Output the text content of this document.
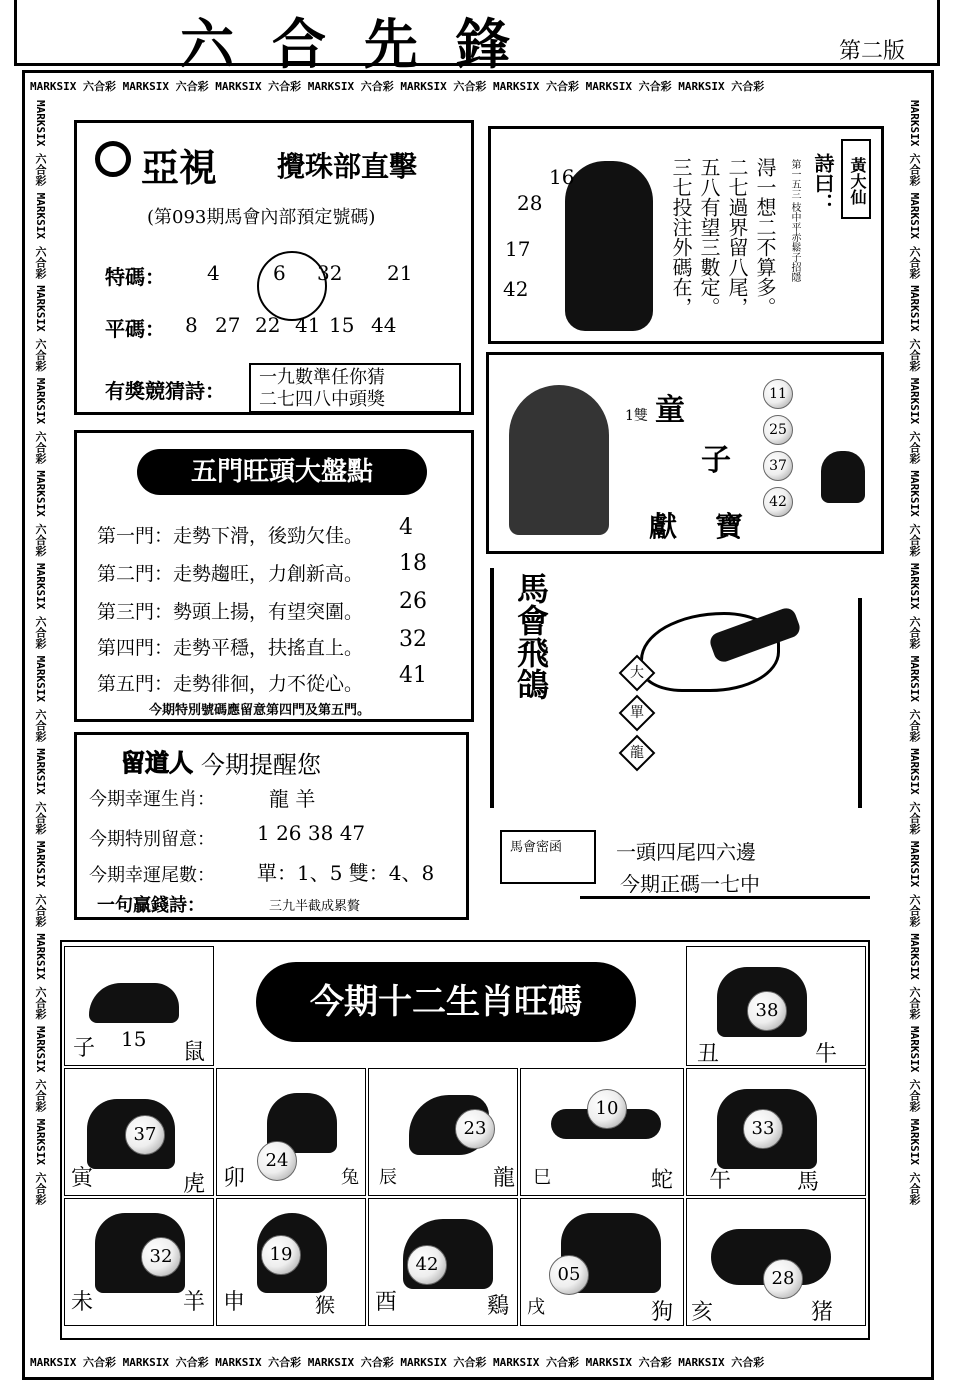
六合先鋒	第二版
MARKSIX 六合彩 MARKSIX 六合彩 MARKSIX 六合彩 MARKSIX 六合彩 MARKSIX 六合彩 MARKSIX 六合彩 MARKSIX 六合彩 MARKSIX 六合彩
MARKSIX 六合彩 MARKSIX 六合彩 MARKSIX 六合彩 MARKSIX 六合彩 MARKSIX 六合彩 MARKSIX 六合彩 MARKSIX 六合彩 MARKSIX 六合彩
MARKSIX 六合彩 MARKSIX 六合彩 MARKSIX 六合彩 MARKSIX 六合彩 MARKSIX 六合彩 MARKSIX 六合彩 MARKSIX 六合彩 MARKSIX 六合彩 MARKSIX 六合彩 MARKSIX 六合彩 MARKSIX 六合彩 MARKSIX 六合彩	MARKSIX 六合彩 MARKSIX 六合彩 MARKSIX 六合彩 MARKSIX 六合彩 MARKSIX 六合彩 MARKSIX 六合彩 MARKSIX 六合彩 MARKSIX 六合彩 MARKSIX 六合彩 MARKSIX 六合彩 MARKSIX 六合彩 MARKSIX 六合彩
亞視 攪珠部直擊
(第093期馬會內部預定號碼)
特碼： 4	6 32 21
平碼： 8 27 22 41 15 44
有獎競猜詩：
一九數準任你猜
二七四八中頭獎
五門旺頭大盤點
第一門：走勢下滑，後勁欠佳。 4
第二門：走勢趨旺，力創新高。 18
第三門：勢頭上揚，有望突圍。 26
第四門：走勢平穩，扶搖直上。 32
第五門：走勢徘徊，力不從心。 41
今期特別號碼應留意第四門及第五門。
留道人 今期提醒您
今期幸運生肖：	龍 羊
今期特別留意： 1 26 38 47
今期幸運尾數： 單：1、5 雙：4、8
一句贏錢詩：	三九半截成累贅
16
28
17
42	淂一想二不算多。
二七過界留八尾，
五八有望三數定。
三七投注外碼在，	第一五三 枝中平赤鬆子招隱 詩曰： 黃大仙
1雙 童
子
獻 寶
11
25
37
42
馬會飛鴿	大
單
龍
馬會密函	一頭四尾四六邊
今期正碼一七中
今期十二生肖旺碼
子 15
鼠
38
丑	牛
37
寅	虎
24
卯	兔
23
辰	龍
10
巳	蛇
33
午	馬
32
未	羊
19
申	猴
42
酉	鷄
05
戌	狗
28
亥	猪
